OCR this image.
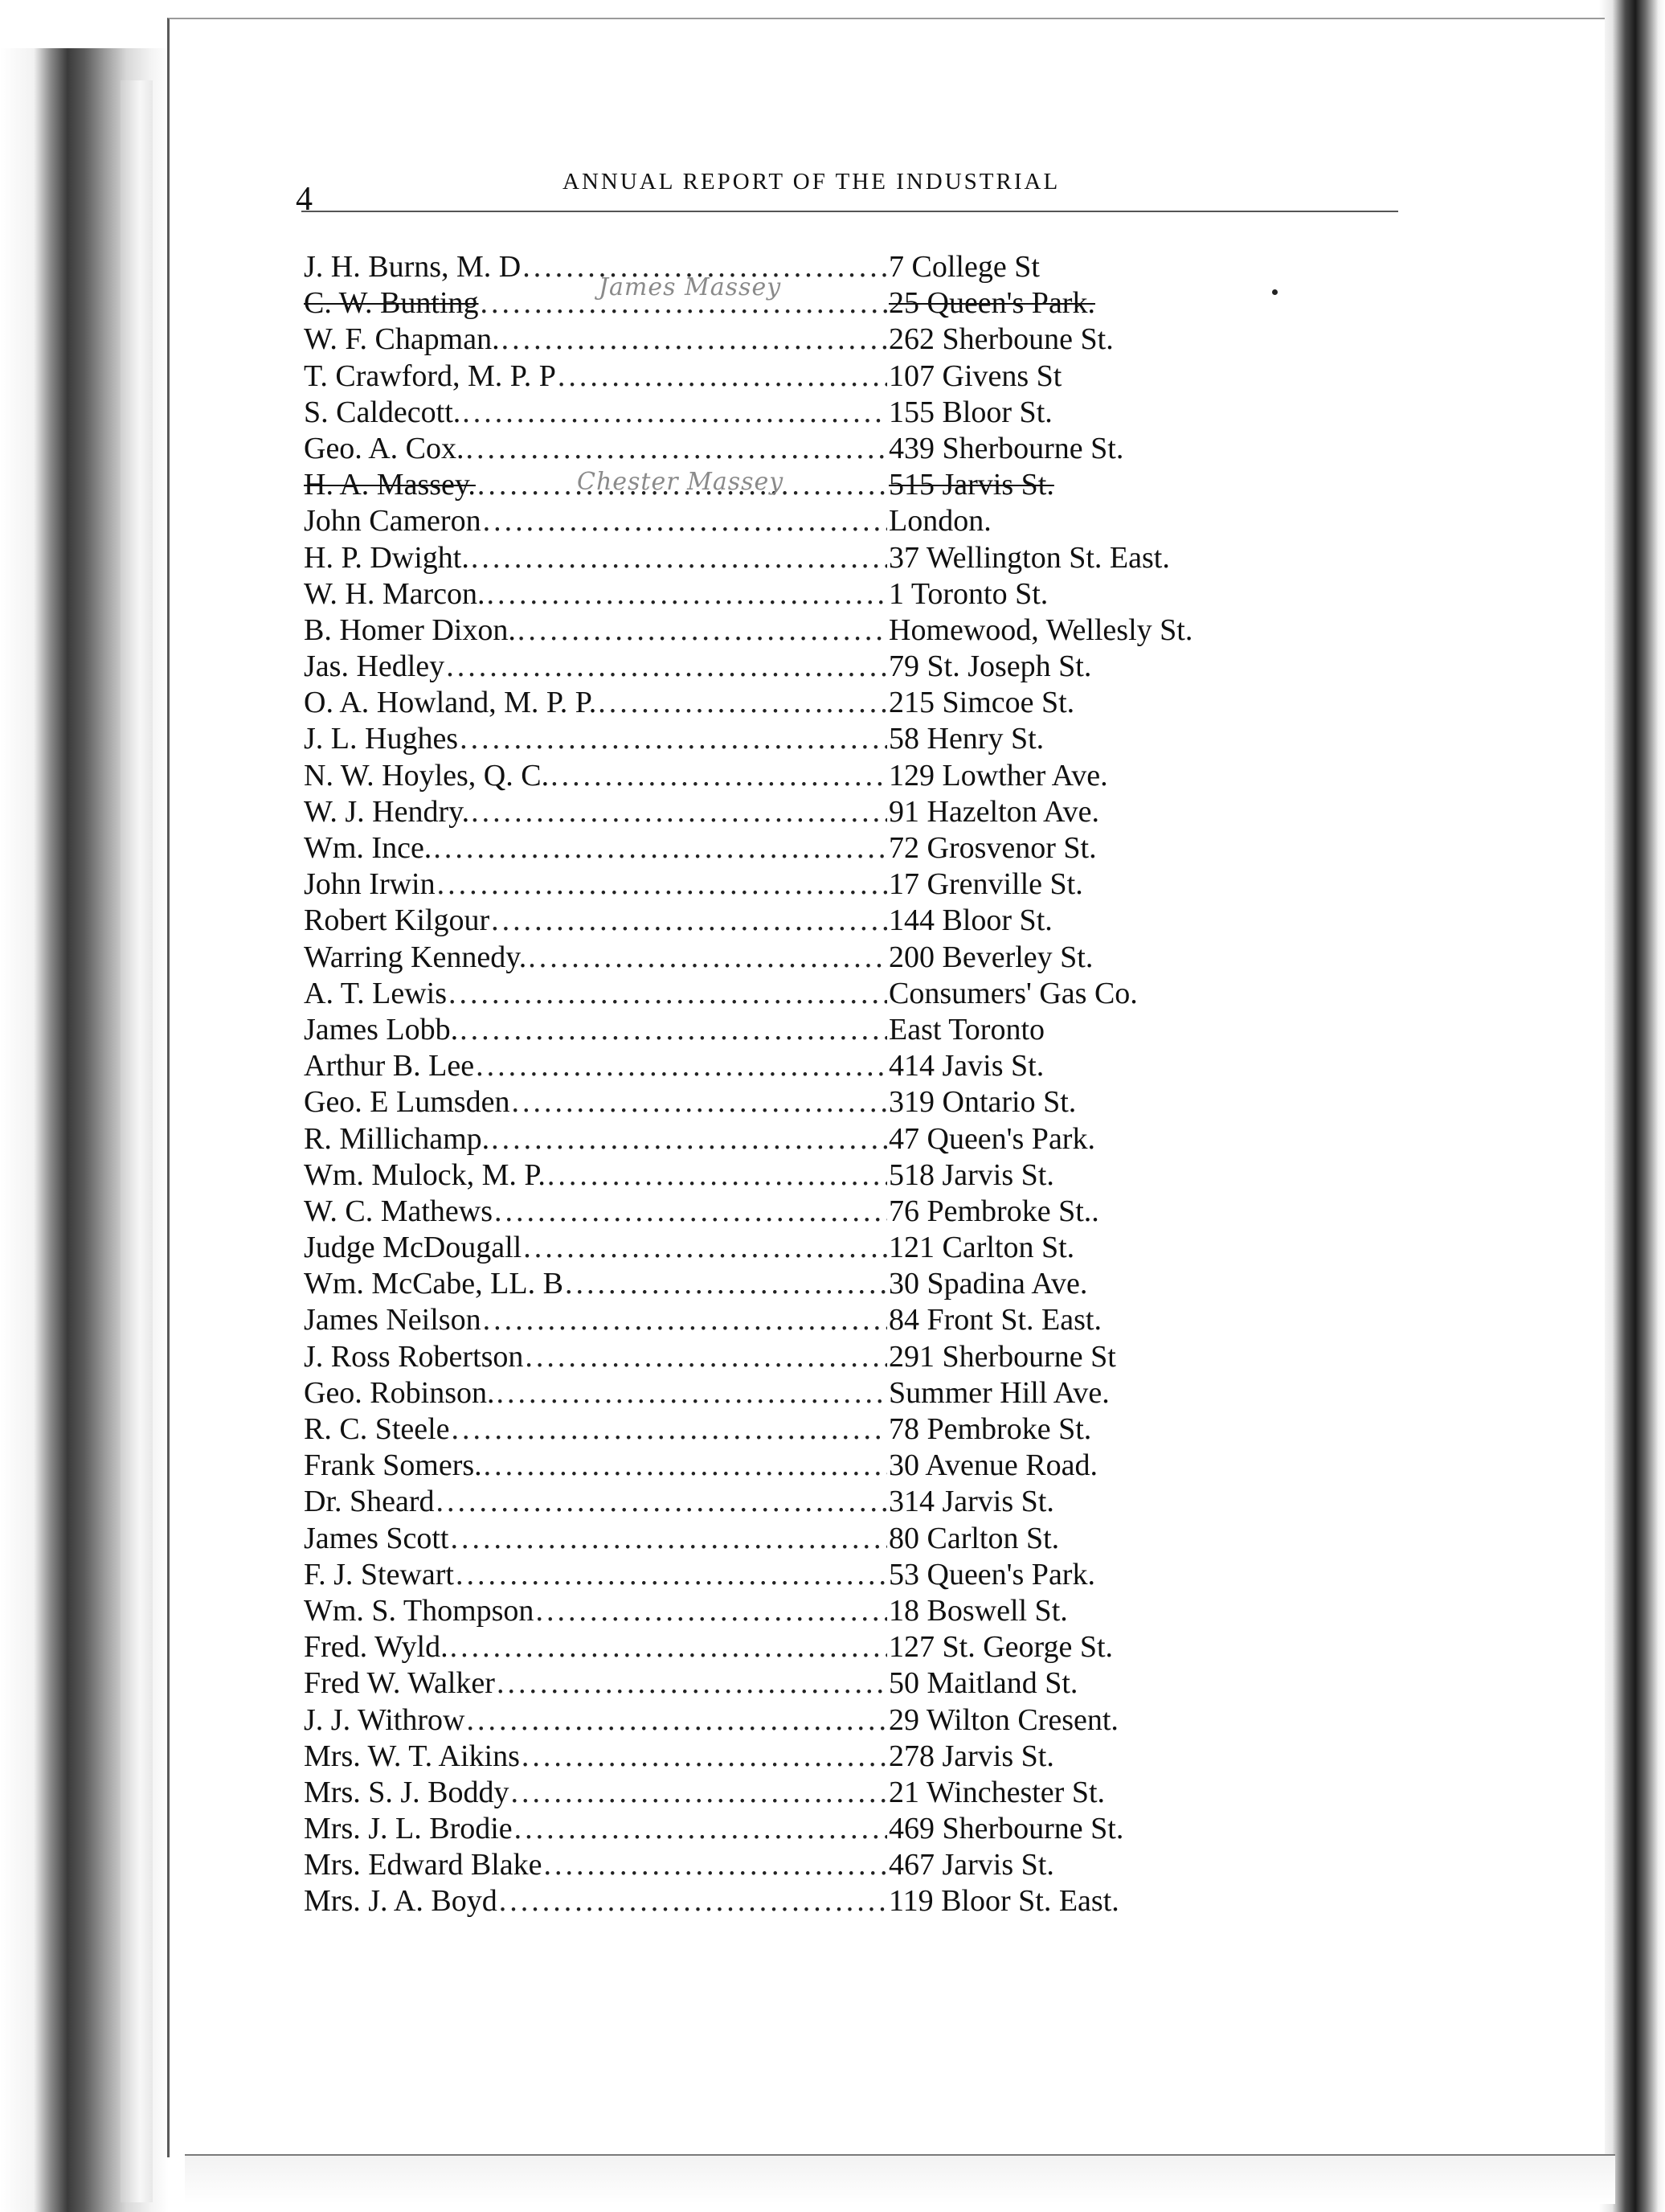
4	ANNUAL REPORT OF THE INDUSTRIAL
J. H. Burns, M. D .....	7 College St
C. W. Bunting .....	25 Queen's Park.
W. F. Chapman. .....	262 Sherboune St.
T. Crawford, M. P. P .....	107 Givens St
S. Caldecott. .....	155 Bloor St.
Geo. A. Cox. .....	439 Sherbourne St.
H. A. Massey. .....	515 Jarvis St.
John Cameron .....	London.
H. P. Dwight. .....	37 Wellington St. East.
W. H. Marcon. .....	1 Toronto St.
B. Homer Dixon. .....	Homewood, Wellesly St.
Jas. Hedley .....	79 St. Joseph St.
O. A. Howland, M. P. P. .....	215 Simcoe St.
J. L. Hughes .....	58 Henry St.
N. W. Hoyles, Q. C. .....	129 Lowther Ave.
W. J. Hendry. .....	91 Hazelton Ave.
Wm. Ince. .....	72 Grosvenor St.
John Irwin .....	17 Grenville St.
Robert Kilgour .....	144 Bloor St.
Warring Kennedy. .....	200 Beverley St.
A. T. Lewis .....	Consumers' Gas Co.
James Lobb. .....	East Toronto
Arthur B. Lee .....	414 Javis St.
Geo. E Lumsden .....	319 Ontario St.
R. Millichamp. .....	47 Queen's Park.
Wm. Mulock, M. P. .....	518 Jarvis St.
W. C. Mathews .....	76 Pembroke St..
Judge McDougall .....	121 Carlton St.
Wm. McCabe, LL. B .....	30 Spadina Ave.
James Neilson .....	84 Front St. East.
J. Ross Robertson .....	291 Sherbourne St
Geo. Robinson. .....	Summer Hill Ave.
R. C. Steele .....	78 Pembroke St.
Frank Somers. .....	30 Avenue Road.
Dr. Sheard .....	314 Jarvis St.
James Scott .....	80 Carlton St.
F. J. Stewart .....	53 Queen's Park.
Wm. S. Thompson .....	18 Boswell St.
Fred. Wyld. .....	127 St. George St.
Fred W. Walker .....	50 Maitland St.
J. J. Withrow .....	29 Wilton Cresent.
Mrs. W. T. Aikins .....	278 Jarvis St.
Mrs. S. J. Boddy .....	21 Winchester St.
Mrs. J. L. Brodie .....	469 Sherbourne St.
Mrs. Edward Blake .....	467 Jarvis St.
Mrs. J. A. Boyd .....	119 Bloor St. East.
James Massey
Chester Massey
